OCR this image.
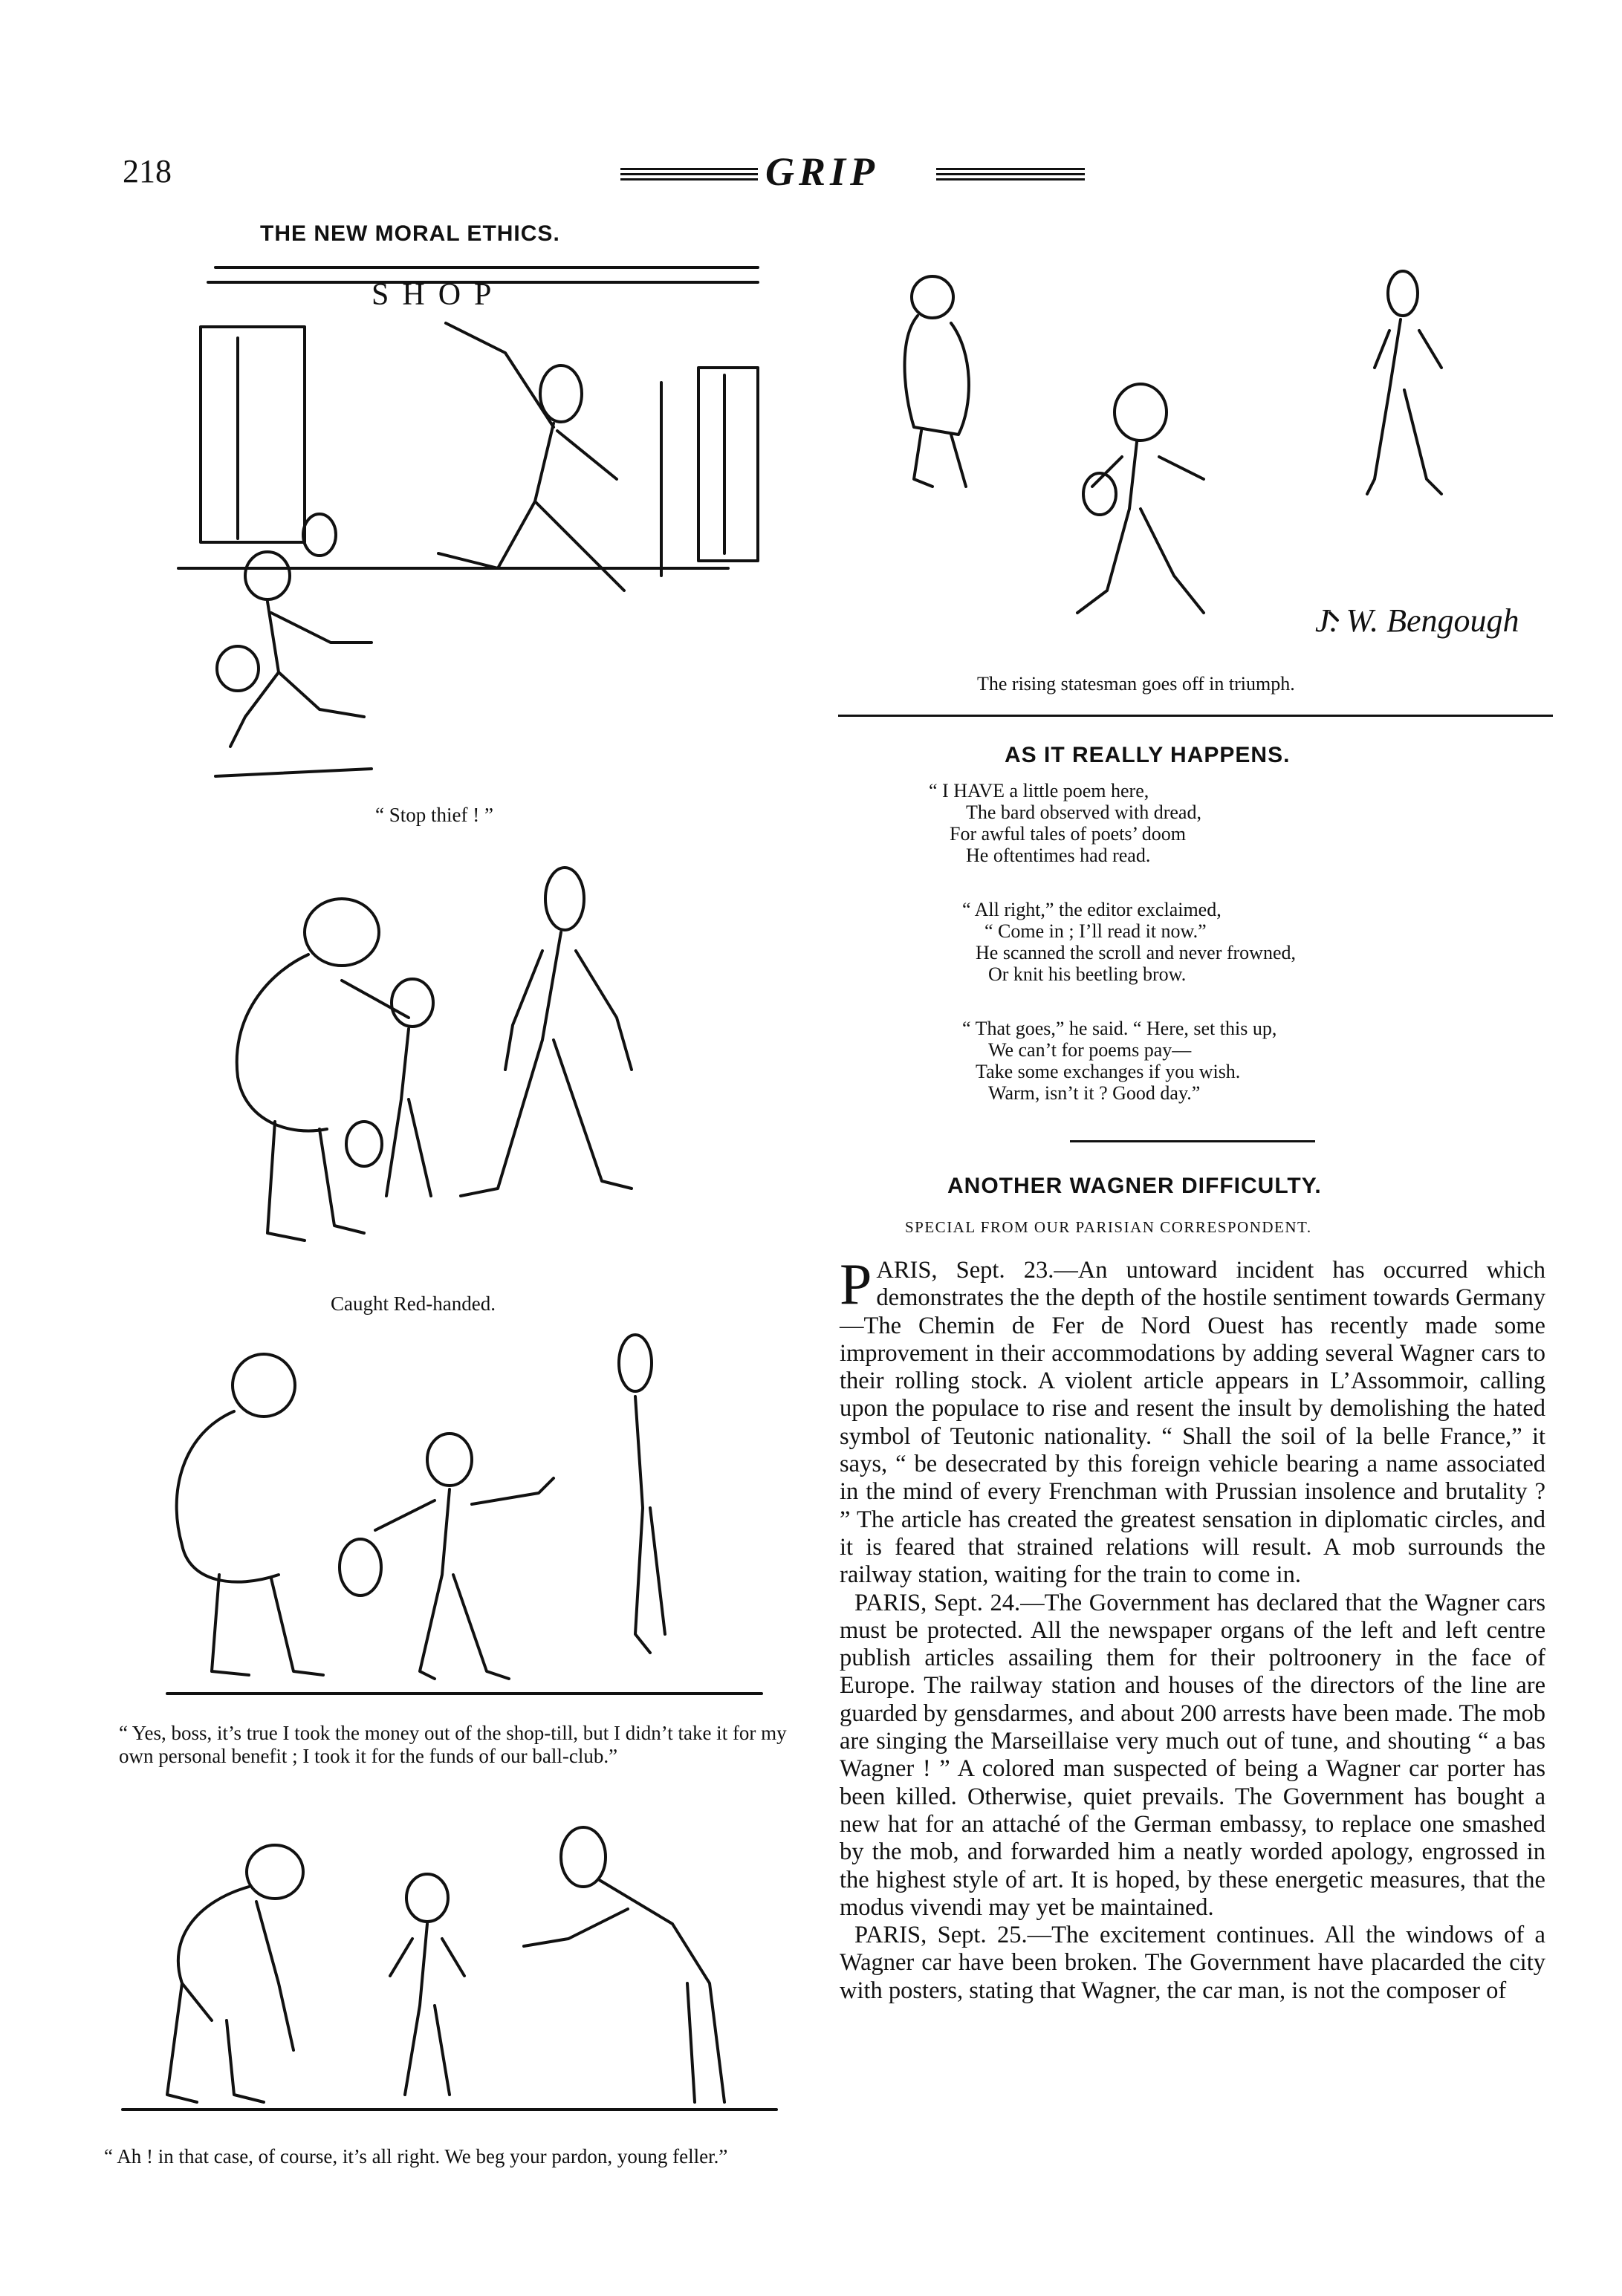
218	GRIP
THE NEW MORAL ETHICS.
SHOP
“ Stop thief ! ”
Caught Red-handed.
“ Yes, boss, it’s true I took the money out of the shop-till, but I didn’t take it for my own personal benefit ; I took it for the funds of our ball-club.”
“ Ah ! in that case, of course, it’s all right. We beg your pardon, young feller.”
J. W. Bengough
The rising statesman goes off in triumph.
AS IT REALLY HAPPENS.
“ I HAVE a little poem here,
The bard observed with dread,
For awful tales of poets’ doom
He oftentimes had read.
“ All right,” the editor exclaimed,
“ Come in ; I’ll read it now.”
He scanned the scroll and never frowned,
Or knit his beetling brow.
“ That goes,” he said. “ Here, set this up,
We can’t for poems pay—
Take some exchanges if you wish.
Warm, isn’t it ? Good day.”
ANOTHER WAGNER DIFFICULTY.
SPECIAL FROM OUR PARISIAN CORRESPONDENT.

PARIS, Sept. 23.—An untoward incident has occurred which demonstrates the the depth of the hostile sentiment towards Germany—The Chemin de Fer de Nord Ouest has recently made some improvement in their accommodations by adding several Wagner cars to their rolling stock. A violent article appears in L’Assommoir, calling upon the populace to rise and resent the insult by demolishing the hated symbol of Teutonic nationality. “ Shall the soil of la belle France,” it says, “ be desecrated by this foreign vehicle bearing a name associated in the mind of every Frenchman with Prussian insolence and brutality ? ” The article has created the greatest sensation in diplomatic circles, and it is feared that strained relations will result. A mob surrounds the railway station, waiting for the train to come in.

PARIS, Sept. 24.—The Government has declared that the Wagner cars must be protected. All the newspaper organs of the left and left centre publish articles assailing them for their poltroonery in the face of Europe. The railway station and houses of the directors of the line are guarded by gensdarmes, and about 200 arrests have been made. The mob are singing the Marseillaise very much out of tune, and shouting “ a bas Wagner ! ” A colored man suspected of being a Wagner car porter has been killed. Otherwise, quiet prevails. The Government has bought a new hat for an attaché of the German embassy, to replace one smashed by the mob, and forwarded him a neatly worded apology, engrossed in the highest style of art. It is hoped, by these energetic measures, that the modus vivendi may yet be maintained.

PARIS, Sept. 25.—The excitement continues. All the windows of a Wagner car have been broken. The Government have placarded the city with posters, stating that Wagner, the car man, is not the composer of
